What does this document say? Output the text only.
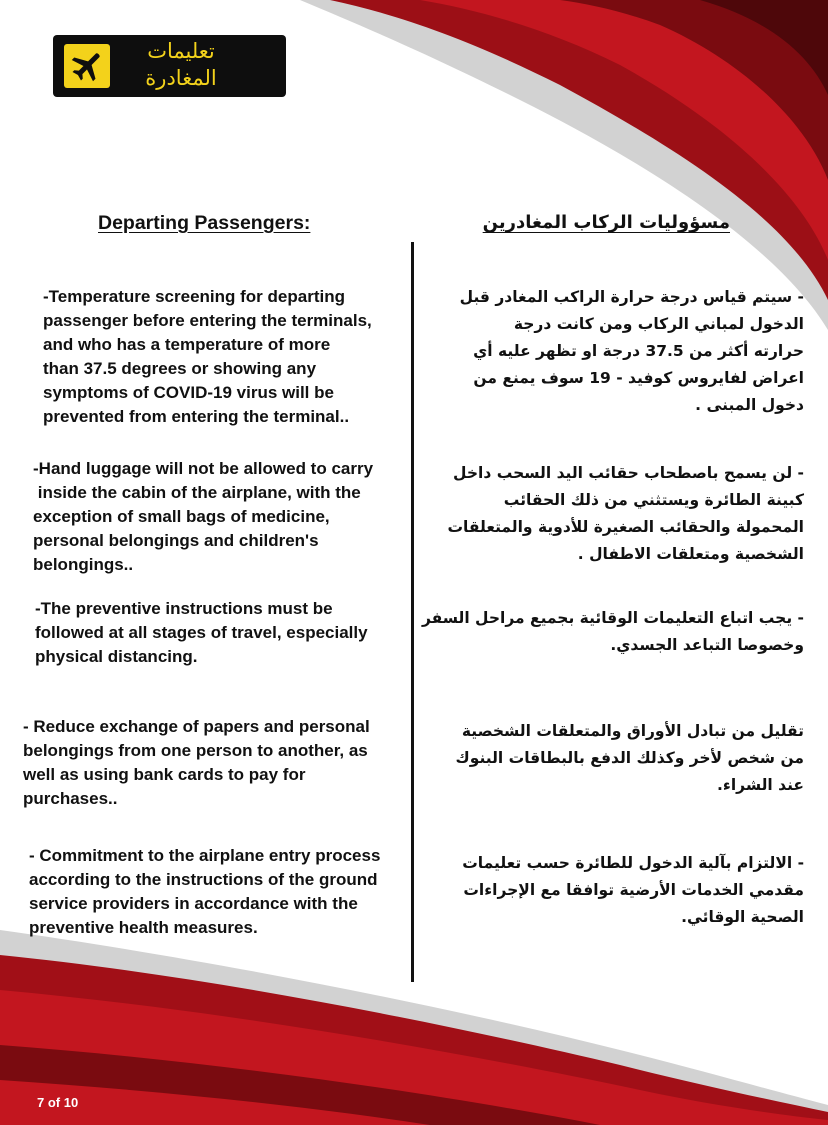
تعليمات
المغادرة
Departing Passengers:	مسؤوليات الركاب المغادرين
-Temperature screening for departing
passenger before entering the terminals,
and who has a temperature of more
than 37.5 degrees or showing any
symptoms of COVID-19 virus will be
prevented from entering the terminal..
-Hand luggage will not be allowed to carry
inside the cabin of the airplane, with the
exception of small bags of medicine,
personal belongings and children's
belongings..
-The preventive instructions must be
followed at all stages of travel, especially
physical distancing.
- Reduce exchange of papers and personal
belongings from one person to another, as
well as using bank cards to pay for
purchases..
- Commitment to the airplane entry process
according to the instructions of the ground
service providers in accordance with the
preventive health measures.
- سيتم قياس درجة حرارة الراكب المغادر قبل
الدخول لمباني الركاب ومن كانت درجة
حرارته أكثر من 37.5 درجة او تظهر عليه أي
اعراض لفايروس كوفيد - 19 سوف يمنع من
دخول المبنى .
- لن يسمح باصطحاب حقائب اليد السحب داخل
كبينة الطائرة ويستثني من ذلك الحقائب
المحمولة والحقائب الصغيرة للأدوية والمتعلقات
الشخصية ومتعلقات الاطفال .
- يجب اتباع التعليمات الوقائية بجميع مراحل السفر
وخصوصا التباعد الجسدي.
تقليل من تبادل الأوراق والمتعلقات الشخصية
من شخص لأخر وكذلك الدفع بالبطاقات البنوك
عند الشراء.
- الالتزام بآلية الدخول للطائرة حسب تعليمات
مقدمي الخدمات الأرضية توافقا مع الإجراءات
الصحية الوقائي.
7 of 10
